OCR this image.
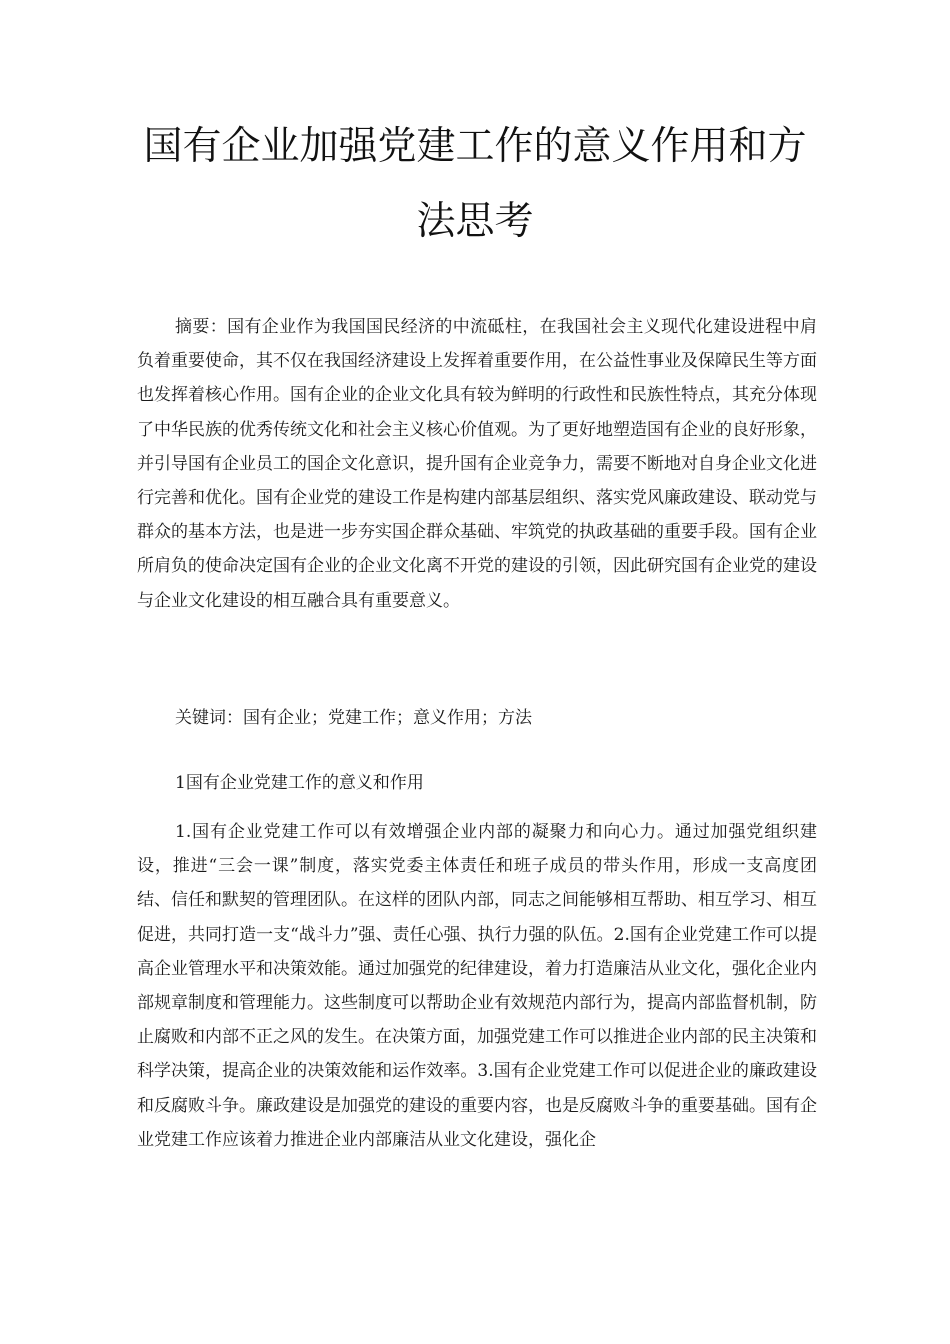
国有企业加强党建工作的意义作用和方
法思考

摘要：国有企业作为我国国民经济的中流砥柱，在我国社会主义现代化建设进程中肩负着重要使命，其不仅在我国经济建设上发挥着重要作用，在公益性事业及保障民生等方面也发挥着核心作用。国有企业的企业文化具有较为鲜明的行政性和民族性特点，其充分体现了中华民族的优秀传统文化和社会主义核心价值观。为了更好地塑造国有企业的良好形象，并引导国有企业员工的国企文化意识，提升国有企业竞争力，需要不断地对自身企业文化进行完善和优化。国有企业党的建设工作是构建内部基层组织、落实党风廉政建设、联动党与群众的基本方法，也是进一步夯实国企群众基础、牢筑党的执政基础的重要手段。国有企业所肩负的使命决定国有企业的企业文化离不开党的建设的引领，因此研究国有企业党的建设与企业文化建设的相互融合具有重要意义。

关键词：国有企业；党建工作；意义作用；方法

1国有企业党建工作的意义和作用

1.国有企业党建工作可以有效增强企业内部的凝聚力和向心力。通过加强党组织建设，推进“三会一课”制度，落实党委主体责任和班子成员的带头作用，形成一支高度团结、信任和默契的管理团队。在这样的团队内部，同志之间能够相互帮助、相互学习、相互促进，共同打造一支“战斗力”强、责任心强、执行力强的队伍。2.国有企业党建工作可以提高企业管理水平和决策效能。通过加强党的纪律建设，着力打造廉洁从业文化，强化企业内部规章制度和管理能力。这些制度可以帮助企业有效规范内部行为，提高内部监督机制，防止腐败和内部不正之风的发生。在决策方面，加强党建工作可以推进企业内部的民主决策和科学决策，提高企业的决策效能和运作效率。3.国有企业党建工作可以促进企业的廉政建设和反腐败斗争。廉政建设是加强党的建设的重要内容，也是反腐败斗争的重要基础。国有企业党建工作应该着力推进企业内部廉洁从业文化建设，强化企
